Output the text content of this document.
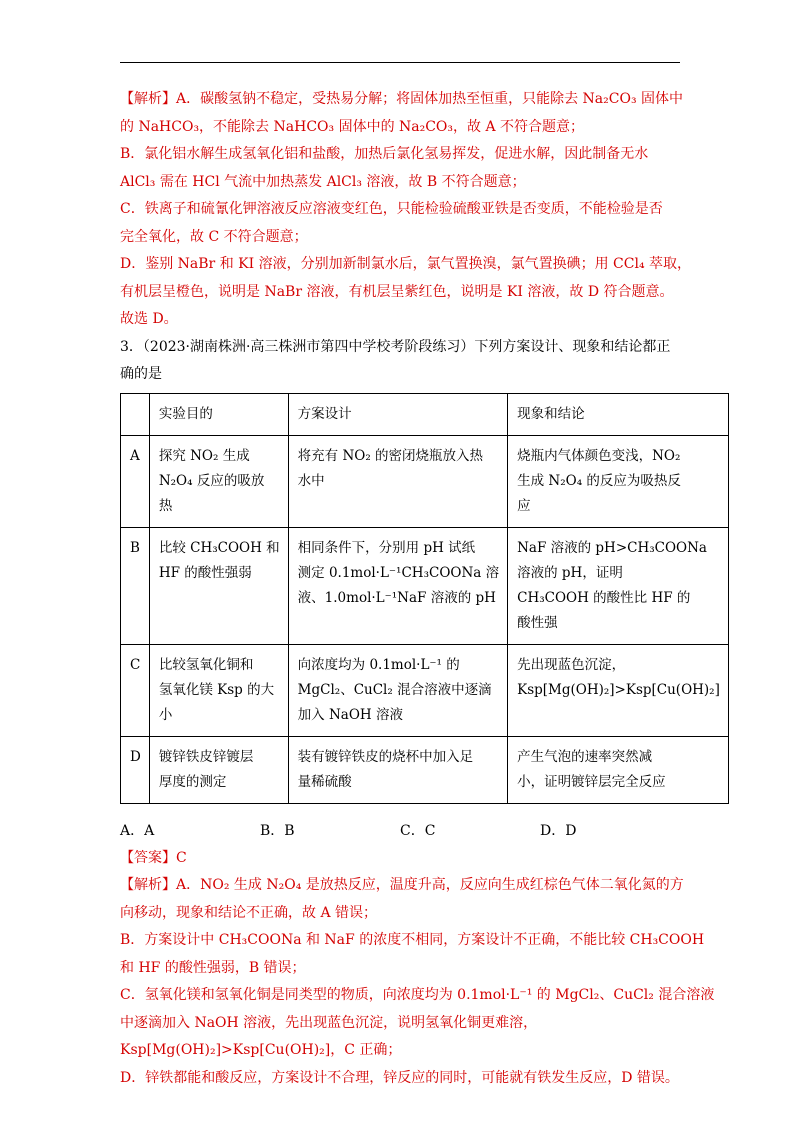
【解析】A．碳酸氢钠不稳定，受热易分解；将固体加热至恒重，只能除去 Na₂CO₃ 固体中
的 NaHCO₃，不能除去 NaHCO₃ 固体中的 Na₂CO₃，故 A 不符合题意；
B．氯化铝水解生成氢氧化铝和盐酸，加热后氯化氢易挥发，促进水解，因此制备无水
AlCl₃ 需在 HCl 气流中加热蒸发 AlCl₃ 溶液，故 B 不符合题意；
C．铁离子和硫氰化钾溶液反应溶液变红色，只能检验硫酸亚铁是否变质，不能检验是否
完全氧化，故 C 不符合题意；
D．鉴别 NaBr 和 KI 溶液，分别加新制氯水后，氯气置换溴，氯气置换碘；用 CCl₄ 萃取，
有机层呈橙色，说明是 NaBr 溶液，有机层呈紫红色，说明是 KI 溶液，故 D 符合题意。
故选 D。
3．（2023·湖南株洲·高三株洲市第四中学校考阶段练习）下列方案设计、现象和结论都正
确的是
	实验目的	方案设计	现象和结论
A	探究 NO₂ 生成
N₂O₄ 反应的吸放
热	将充有 NO₂ 的密闭烧瓶放入热
水中	烧瓶内气体颜色变浅，NO₂
生成 N₂O₄ 的反应为吸热反
应

B	比较 CH₃COOH 和
HF 的酸性强弱	相同条件下，分别用 pH 试纸
测定 0.1mol·L⁻¹CH₃COONa 溶
液、1.0mol·L⁻¹NaF 溶液的 pH	NaF 溶液的 pH>CH₃COONa
溶液的 pH，证明
CH₃COOH 的酸性比 HF 的
酸性强

C	比较氢氧化铜和
氢氧化镁 Ksp 的大
小	向浓度均为 0.1mol·L⁻¹ 的
MgCl₂、CuCl₂ 混合溶液中逐滴
加入 NaOH 溶液	先出现蓝色沉淀，
Ksp[Mg(OH)₂]>Ksp[Cu(OH)₂]

D	镀锌铁皮锌镀层
厚度的测定	装有镀锌铁皮的烧杯中加入足
量稀硫酸	产生气泡的速率突然减
小，证明镀锌层完全反应
A．A	B．B	C．C	D．D
【答案】C
【解析】A．NO₂ 生成 N₂O₄ 是放热反应，温度升高，反应向生成红棕色气体二氧化氮的方
向移动，现象和结论不正确，故 A 错误；
B．方案设计中 CH₃COONa 和 NaF 的浓度不相同，方案设计不正确，不能比较 CH₃COOH
和 HF 的酸性强弱，B 错误；
C．氢氧化镁和氢氧化铜是同类型的物质，向浓度均为 0.1mol·L⁻¹ 的 MgCl₂、CuCl₂ 混合溶液
中逐滴加入 NaOH 溶液，先出现蓝色沉淀，说明氢氧化铜更难溶，
Ksp[Mg(OH)₂]>Ksp[Cu(OH)₂]，C 正确；
D．锌铁都能和酸反应，方案设计不合理，锌反应的同时，可能就有铁发生反应，D 错误。
